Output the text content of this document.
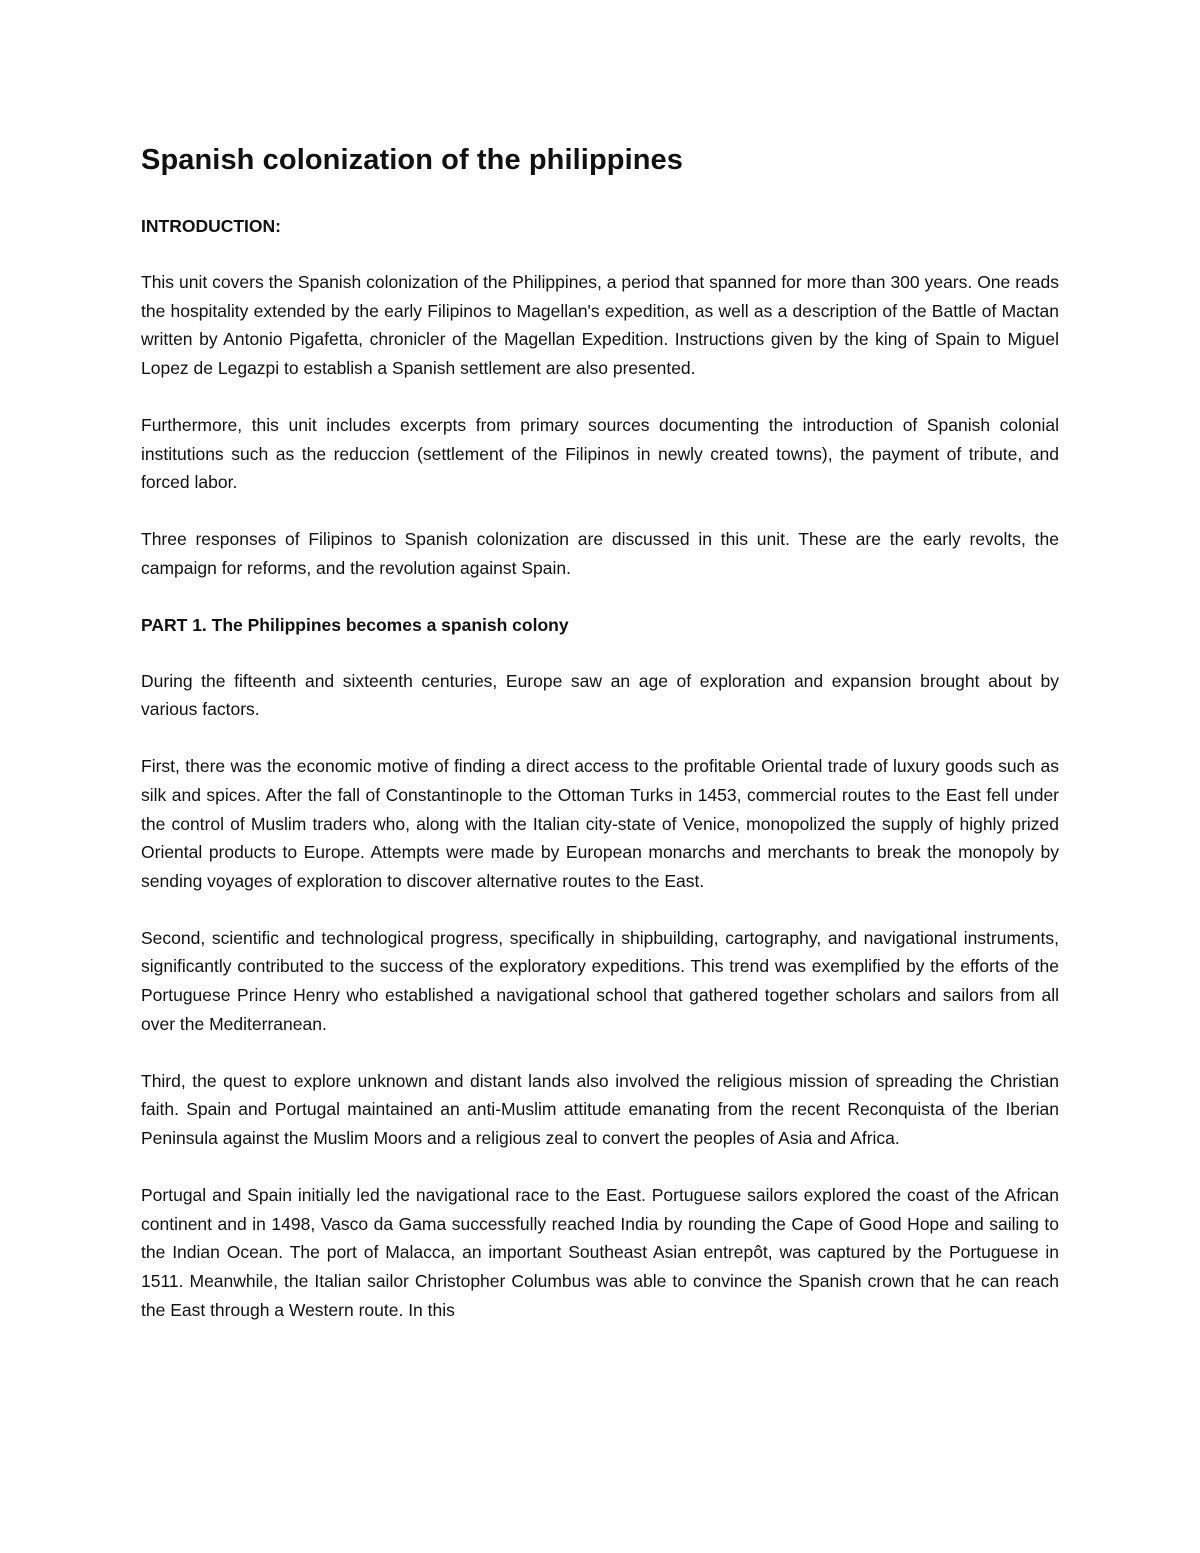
Spanish colonization of the philippines
INTRODUCTION:

This unit covers the Spanish colonization of the Philippines, a period that spanned for more than 300 years. One reads the hospitality extended by the early Filipinos to Magellan's expedition, as well as a description of the Battle of Mactan written by Antonio Pigafetta, chronicler of the Magellan Expedition. Instructions given by the king of Spain to Miguel Lopez de Legazpi to establish a Spanish settlement are also presented.

Furthermore, this unit includes excerpts from primary sources documenting the introduction of Spanish colonial institutions such as the reduccion (settlement of the Filipinos in newly created towns), the payment of tribute, and forced labor.

Three responses of Filipinos to Spanish colonization are discussed in this unit. These are the early revolts, the campaign for reforms, and the revolution against Spain.

PART 1. The Philippines becomes a spanish colony

During the fifteenth and sixteenth centuries, Europe saw an age of exploration and expansion brought about by various factors.

First, there was the economic motive of finding a direct access to the profitable Oriental trade of luxury goods such as silk and spices. After the fall of Constantinople to the Ottoman Turks in 1453, commercial routes to the East fell under the control of Muslim traders who, along with the Italian city-state of Venice, monopolized the supply of highly prized Oriental products to Europe. Attempts were made by European monarchs and merchants to break the monopoly by sending voyages of exploration to discover alternative routes to the East.

Second, scientific and technological progress, specifically in shipbuilding, cartography, and navigational instruments, significantly contributed to the success of the exploratory expeditions. This trend was exemplified by the efforts of the Portuguese Prince Henry who established a navigational school that gathered together scholars and sailors from all over the Mediterranean.

Third, the quest to explore unknown and distant lands also involved the religious mission of spreading the Christian faith. Spain and Portugal maintained an anti-Muslim attitude emanating from the recent Reconquista of the Iberian Peninsula against the Muslim Moors and a religious zeal to convert the peoples of Asia and Africa.

Portugal and Spain initially led the navigational race to the East. Portuguese sailors explored the coast of the African continent and in 1498, Vasco da Gama successfully reached India by rounding the Cape of Good Hope and sailing to the Indian Ocean. The port of Malacca, an important Southeast Asian entrepôt, was captured by the Portuguese in 1511. Meanwhile, the Italian sailor Christopher Columbus was able to convince the Spanish crown that he can reach the East through a Western route. In this
